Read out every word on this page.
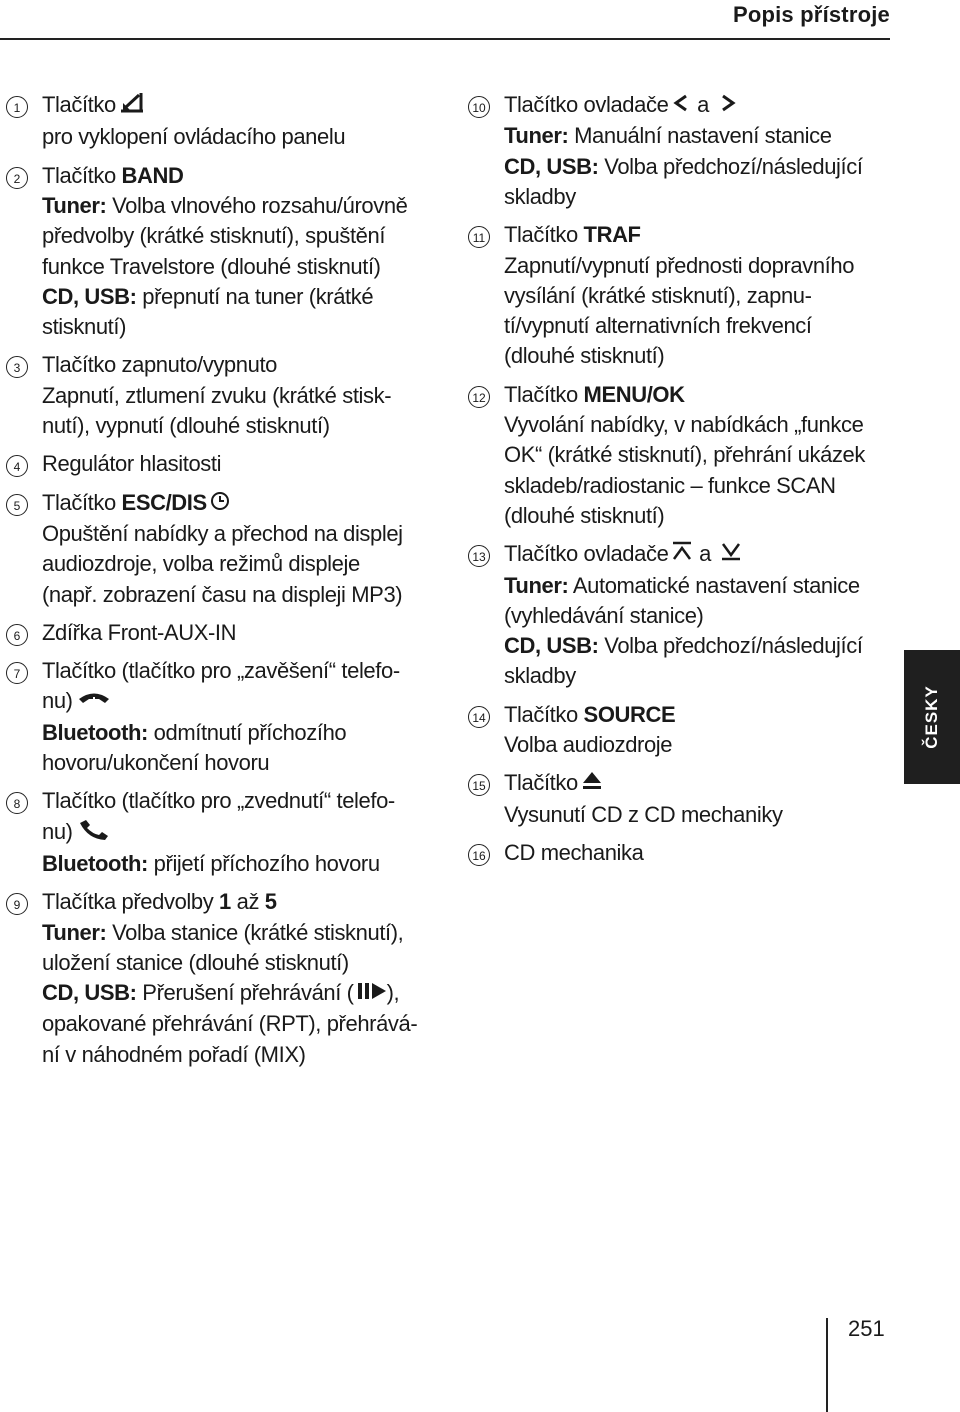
Popis přístroje
1 Tlačítko
pro vyklopení ovládacího panelu
2 Tlačítko BAND
Tuner: Volba vlnového rozsahu/úrovně
předvolby (krátké stisknutí), spuštění
funkce Travelstore (dlouhé stisknutí)
CD, USB: přepnutí na tuner (krátké
stisknutí)
3 Tlačítko zapnuto/vypnuto
Zapnutí, ztlumení zvuku (krátké stisk-
nutí), vypnutí (dlouhé stisknutí)
4 Regulátor hlasitosti
5 Tlačítko ESC/DIS
Opuštění nabídky a přechod na displej
audiozdroje, volba režimů displeje
(např. zobrazení času na displeji MP3)
6 Zdířka Front-AUX-IN
7 Tlačítko (tlačítko pro „zavěšení“ telefo-
nu)
Bluetooth: odmítnutí příchozího
hovoru/ukončení hovoru
8 Tlačítko (tlačítko pro „zvednutí“ telefo-
nu)
Bluetooth: přijetí příchozího hovoru
9 Tlačítka předvolby 1 až 5
Tuner: Volba stanice (krátké stisknutí),
uložení stanice (dlouhé stisknutí)
CD, USB: Přerušení přehrávání ( ),
opakované přehrávání (RPT), přehrává-
ní v náhodném pořadí (MIX)
10 Tlačítko ovladače a
Tuner: Manuální nastavení stanice
CD, USB: Volba předchozí/následující
skladby
11 Tlačítko TRAF
Zapnutí/vypnutí přednosti dopravního
vysílání (krátké stisknutí), zapnu-
tí/vypnutí alternativních frekvencí
(dlouhé stisknutí)
12 Tlačítko MENU/OK
Vyvolání nabídky, v nabídkách „funkce
OK“ (krátké stisknutí), přehrání ukázek
skladeb/radiostanic – funkce SCAN
(dlouhé stisknutí)
13 Tlačítko ovladače a
Tuner: Automatické nastavení stanice
(vyhledávání stanice)
CD, USB: Volba předchozí/následující
skladby
14 Tlačítko SOURCE
Volba audiozdroje
15 Tlačítko
Vysunutí CD z CD mechaniky
16 CD mechanika
ČESKY
251
